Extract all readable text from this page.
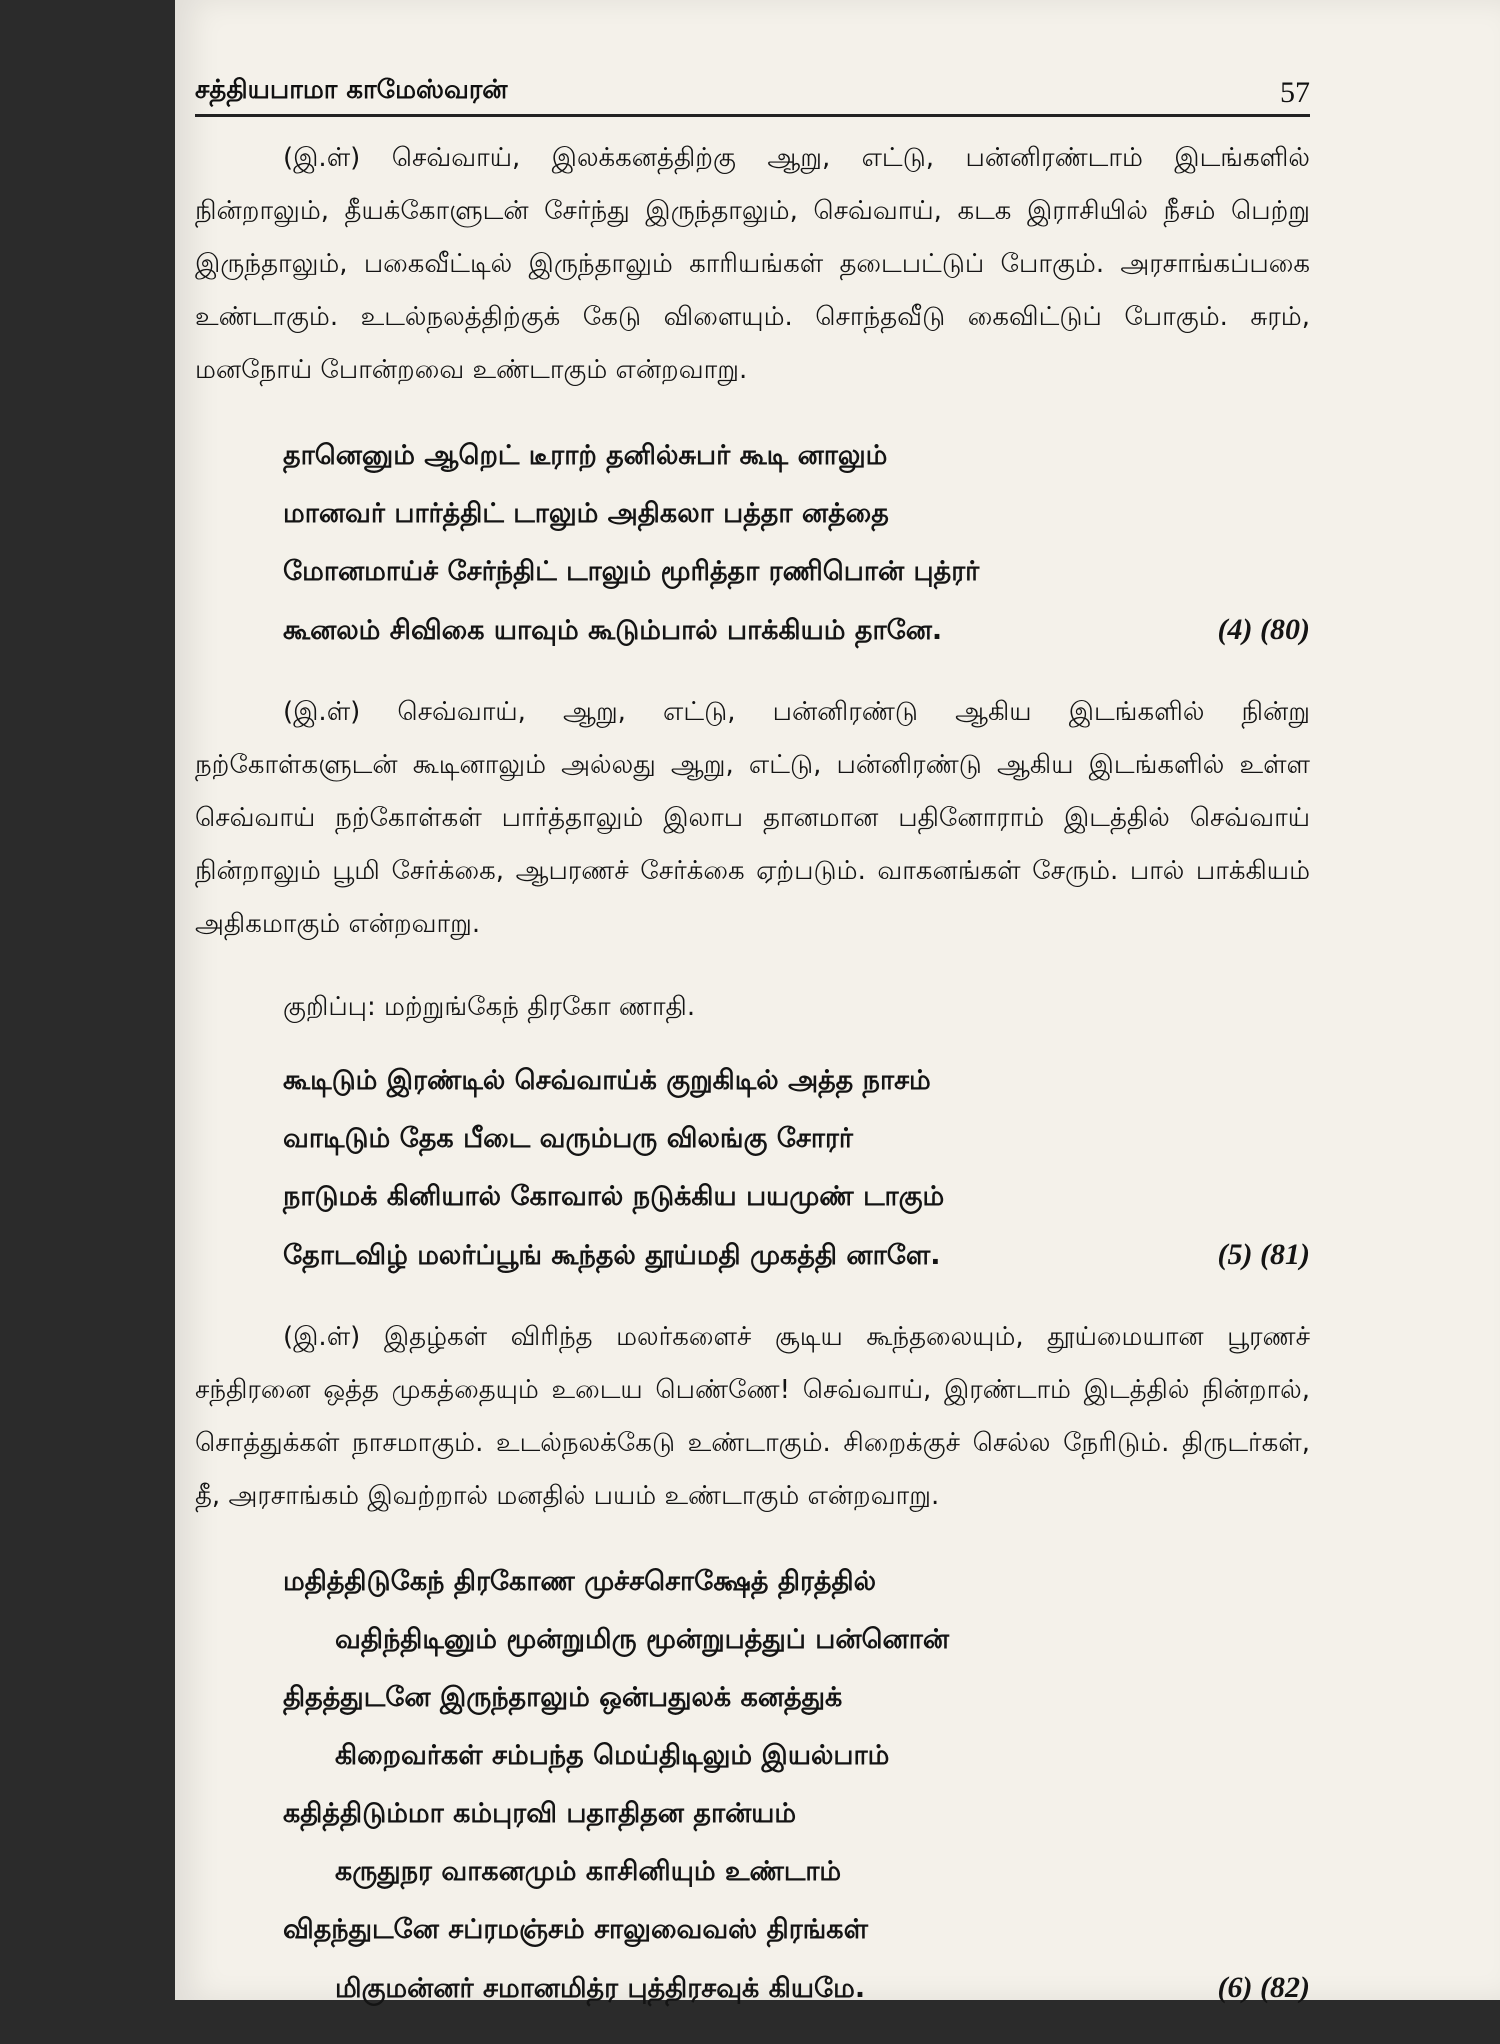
சத்தியபாமா காமேஸ்வரன்	57

(இ.ள்) செவ்வாய், இலக்கனத்திற்கு ஆறு, எட்டு, பன்னிரண்டாம் இடங்களில் நின்றாலும், தீயக்கோளுடன் சேர்ந்து இருந்தாலும், செவ்வாய், கடக இராசியில் நீசம் பெற்று இருந்தாலும், பகைவீட்டில் இருந்தாலும் காரியங்கள் தடைபட்டுப் போகும். அரசாங்கப்பகை உண்டாகும். உடல்நலத்திற்குக் கேடு விளையும். சொந்தவீடு கைவிட்டுப் போகும். சுரம், மனநோய் போன்றவை உண்டாகும் என்றவாறு.

தானெனும் ஆறெட் டீராற் தனில்சுபர் கூடி னாலும்
மானவர் பார்த்திட் டாலும் அதிகலா பத்தா னத்தை
மோனமாய்ச் சேர்ந்திட் டாலும் மூரித்தா ரணிபொன் புத்ரர்
கூனலம் சிவிகை யாவும் கூடும்பால் பாக்கியம் தானே.	(4) (80)

(இ.ள்) செவ்வாய், ஆறு, எட்டு, பன்னிரண்டு ஆகிய இடங்களில் நின்று நற்கோள்களுடன் கூடினாலும் அல்லது ஆறு, எட்டு, பன்னிரண்டு ஆகிய இடங்களில் உள்ள செவ்வாய் நற்கோள்கள் பார்த்தாலும் இலாப தானமான பதினோராம் இடத்தில் செவ்வாய் நின்றாலும் பூமி சேர்க்கை, ஆபரணச் சேர்க்கை ஏற்படும். வாகனங்கள் சேரும். பால் பாக்கியம் அதிகமாகும் என்றவாறு.

குறிப்பு: மற்றுங்கேந் திரகோ ணாதி.

கூடிடும் இரண்டில் செவ்வாய்க் குறுகிடில் அத்த நாசம்
வாடிடும் தேக பீடை வரும்பரு விலங்கு சோரர்
நாடுமக் கினியால் கோவால் நடுக்கிய பயமுண் டாகும்
தோடவிழ் மலர்ப்பூங் கூந்தல் தூய்மதி முகத்தி னாளே.	(5) (81)

(இ.ள்) இதழ்கள் விரிந்த மலர்களைச் சூடிய கூந்தலையும், தூய்மையான பூரணச் சந்திரனை ஒத்த முகத்தையும் உடைய பெண்ணே! செவ்வாய், இரண்டாம் இடத்தில் நின்றால், சொத்துக்கள் நாசமாகும். உடல்நலக்கேடு உண்டாகும். சிறைக்குச் செல்ல நேரிடும். திருடர்கள், தீ, அரசாங்கம் இவற்றால் மனதில் பயம் உண்டாகும் என்றவாறு.

மதித்திடுகேந் திரகோண முச்சசொக்ஷேத் திரத்தில்
வதிந்திடினும் மூன்றுமிரு மூன்றுபத்துப் பன்னொன்
திதத்துடனே இருந்தாலும் ஒன்பதுலக் கனத்துக்
கிறைவர்கள் சம்பந்த மெய்திடிலும் இயல்பாம்
கதித்திடும்மா கம்புரவி பதாதிதன தான்யம்
கருதுநர வாகனமும் காசினியும் உண்டாம்
விதந்துடனே சப்ரமஞ்சம் சாலுவைவஸ் திரங்கள்
மிகுமன்னர் சமானமித்ர புத்திரசவுக் கியமே.	(6) (82)
